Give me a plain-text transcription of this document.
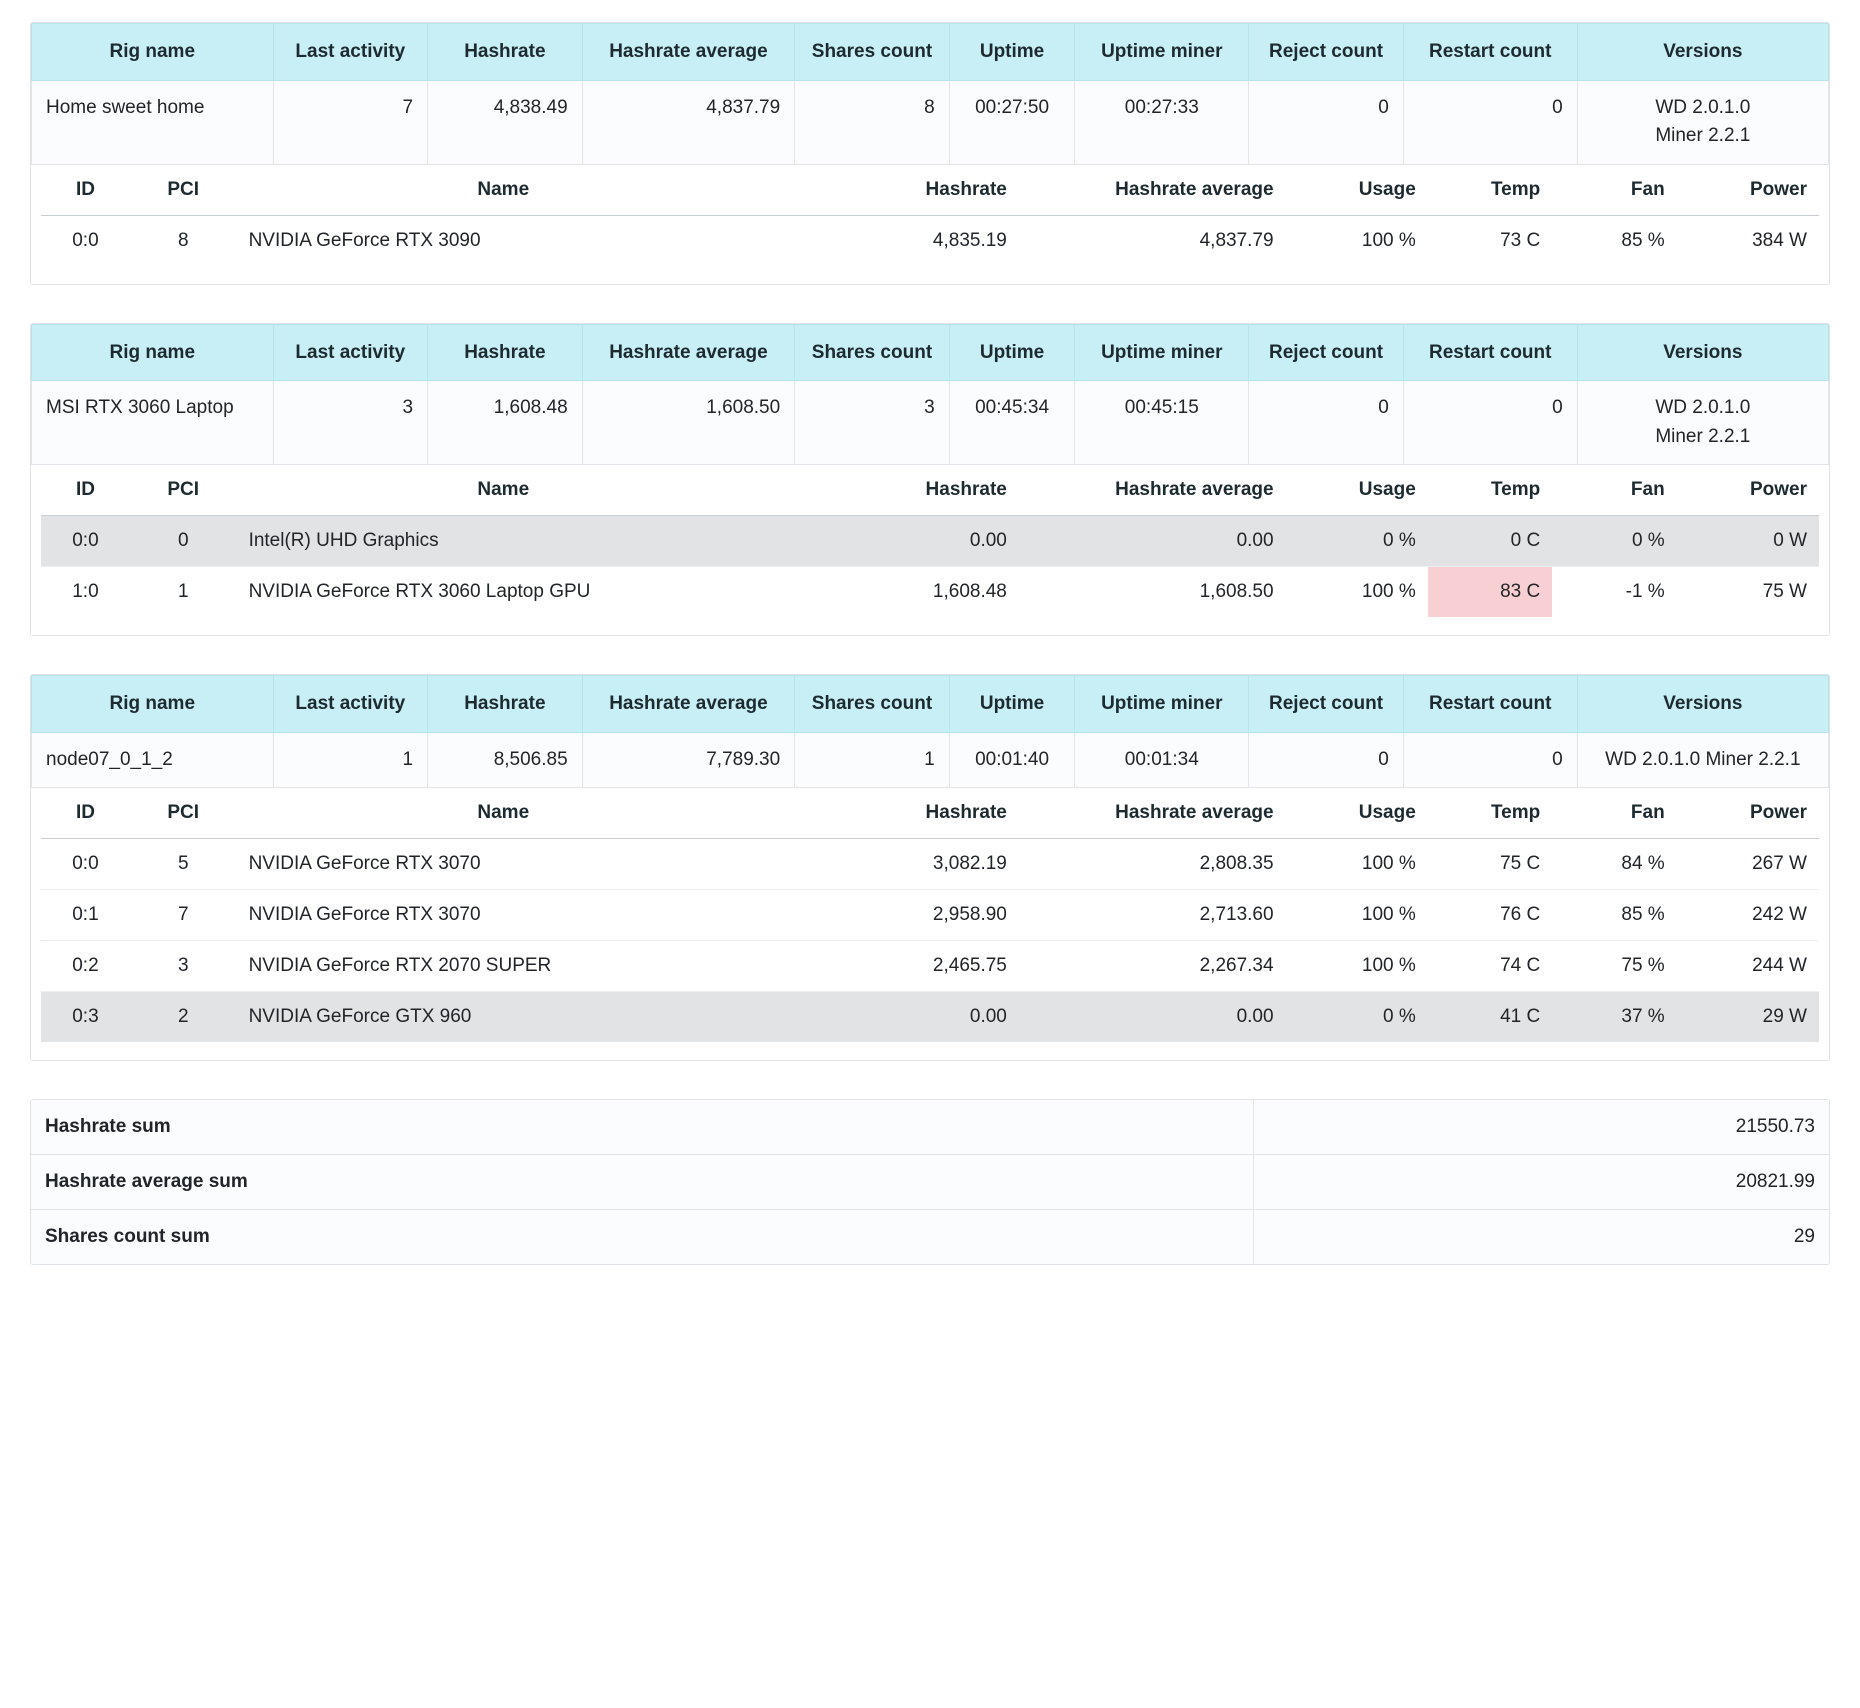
Rig name	Last activity	Hashrate	Hashrate average	Shares count	Uptime	Uptime miner	Reject count	Restart count	Versions
Home sweet home	7	4,838.49	4,837.79	8	00:27:50	00:27:33	0	0	WD 2.0.1.0
Miner 2.2.1
ID	PCI	Name	Hashrate	Hashrate average	Usage	Temp	Fan	Power
0:0	8	NVIDIA GeForce RTX 3090	4,835.19	4,837.79	100 %	73 C	85 %	384 W
Rig name	Last activity	Hashrate	Hashrate average	Shares count	Uptime	Uptime miner	Reject count	Restart count	Versions
MSI RTX 3060 Laptop	3	1,608.48	1,608.50	3	00:45:34	00:45:15	0	0	WD 2.0.1.0
Miner 2.2.1
ID	PCI	Name	Hashrate	Hashrate average	Usage	Temp	Fan	Power
0:0	0	Intel(R) UHD Graphics	0.00	0.00	0 %	0 C	0 %	0 W
1:0	1	NVIDIA GeForce RTX 3060 Laptop GPU	1,608.48	1,608.50	100 %	83 C	-1 %	75 W
Rig name	Last activity	Hashrate	Hashrate average	Shares count	Uptime	Uptime miner	Reject count	Restart count	Versions
node07_0_1_2	1	8,506.85	7,789.30	1	00:01:40	00:01:34	0	0	WD 2.0.1.0 Miner 2.2.1
ID	PCI	Name	Hashrate	Hashrate average	Usage	Temp	Fan	Power
0:0	5	NVIDIA GeForce RTX 3070	3,082.19	2,808.35	100 %	75 C	84 %	267 W
0:1	7	NVIDIA GeForce RTX 3070	2,958.90	2,713.60	100 %	76 C	85 %	242 W
0:2	3	NVIDIA GeForce RTX 2070 SUPER	2,465.75	2,267.34	100 %	74 C	75 %	244 W
0:3	2	NVIDIA GeForce GTX 960	0.00	0.00	0 %	41 C	37 %	29 W
Hashrate sum	21550.73
Hashrate average sum	20821.99
Shares count sum	29
